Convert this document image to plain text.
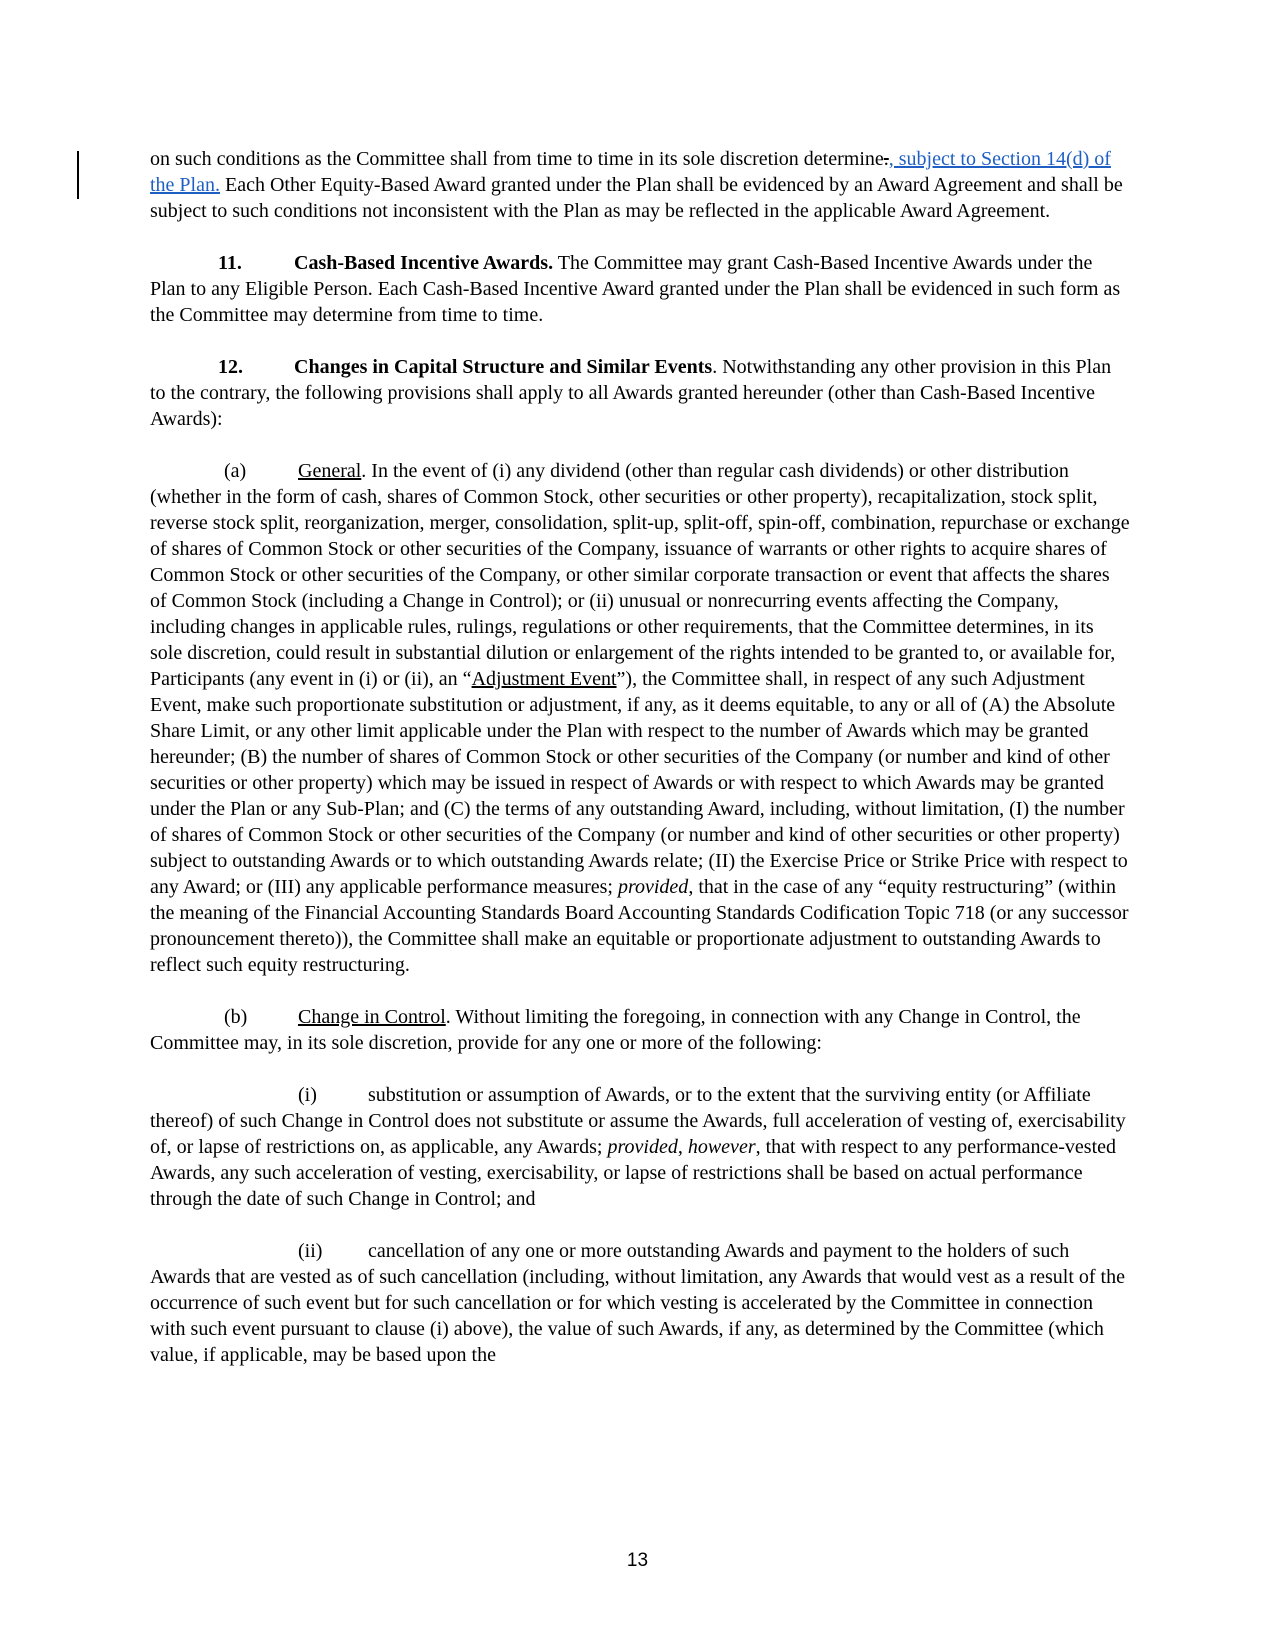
on such conditions as the Committee shall from time to time in its sole discretion determine., subject to Section 14(d) of the Plan. Each Other Equity-Based Award granted under the Plan shall be evidenced by an Award Agreement and shall be subject to such conditions not inconsistent with the Plan as may be reflected in the applicable Award Agreement.

11.	Cash-Based Incentive Awards. The Committee may grant Cash-Based Incentive Awards under the Plan to any Eligible Person. Each Cash-Based Incentive Award granted under the Plan shall be evidenced in such form as the Committee may determine from time to time.

12.	Changes in Capital Structure and Similar Events. Notwithstanding any other provision in this Plan to the contrary, the following provisions shall apply to all Awards granted hereunder (other than Cash-Based Incentive Awards):

(a)	General. In the event of (i) any dividend (other than regular cash dividends) or other distribution (whether in the form of cash, shares of Common Stock, other securities or other property), recapitalization, stock split, reverse stock split, reorganization, merger, consolidation, split-up, split-off, spin-off, combination, repurchase or exchange of shares of Common Stock or other securities of the Company, issuance of warrants or other rights to acquire shares of Common Stock or other securities of the Company, or other similar corporate transaction or event that affects the shares of Common Stock (including a Change in Control); or (ii) unusual or nonrecurring events affecting the Company, including changes in applicable rules, rulings, regulations or other requirements, that the Committee determines, in its sole discretion, could result in substantial dilution or enlargement of the rights intended to be granted to, or available for, Participants (any event in (i) or (ii), an “Adjustment Event”), the Committee shall, in respect of any such Adjustment Event, make such proportionate substitution or adjustment, if any, as it deems equitable, to any or all of (A) the Absolute Share Limit, or any other limit applicable under the Plan with respect to the number of Awards which may be granted hereunder; (B) the number of shares of Common Stock or other securities of the Company (or number and kind of other securities or other property) which may be issued in respect of Awards or with respect to which Awards may be granted under the Plan or any Sub-Plan; and (C) the terms of any outstanding Award, including, without limitation, (I) the number of shares of Common Stock or other securities of the Company (or number and kind of other securities or other property) subject to outstanding Awards or to which outstanding Awards relate; (II) the Exercise Price or Strike Price with respect to any Award; or (III) any applicable performance measures; provided, that in the case of any “equity restructuring” (within the meaning of the Financial Accounting Standards Board Accounting Standards Codification Topic 718 (or any successor pronouncement thereto)), the Committee shall make an equitable or proportionate adjustment to outstanding Awards to reflect such equity restructuring.

(b)	Change in Control. Without limiting the foregoing, in connection with any Change in Control, the Committee may, in its sole discretion, provide for any one or more of the following:

(i)	substitution or assumption of Awards, or to the extent that the surviving entity (or Affiliate thereof) of such Change in Control does not substitute or assume the Awards, full acceleration of vesting of, exercisability of, or lapse of restrictions on, as applicable, any Awards; provided, however, that with respect to any performance-vested Awards, any such acceleration of vesting, exercisability, or lapse of restrictions shall be based on actual performance through the date of such Change in Control; and

(ii) cancellation of any one or more outstanding Awards and payment to the holders of such Awards that are vested as of such cancellation (including, without limitation, any Awards that would vest as a result of the occurrence of such event but for such cancellation or for which vesting is accelerated by the Committee in connection with such event pursuant to clause (i) above), the value of such Awards, if any, as determined by the Committee (which value, if applicable, may be based upon the

13
